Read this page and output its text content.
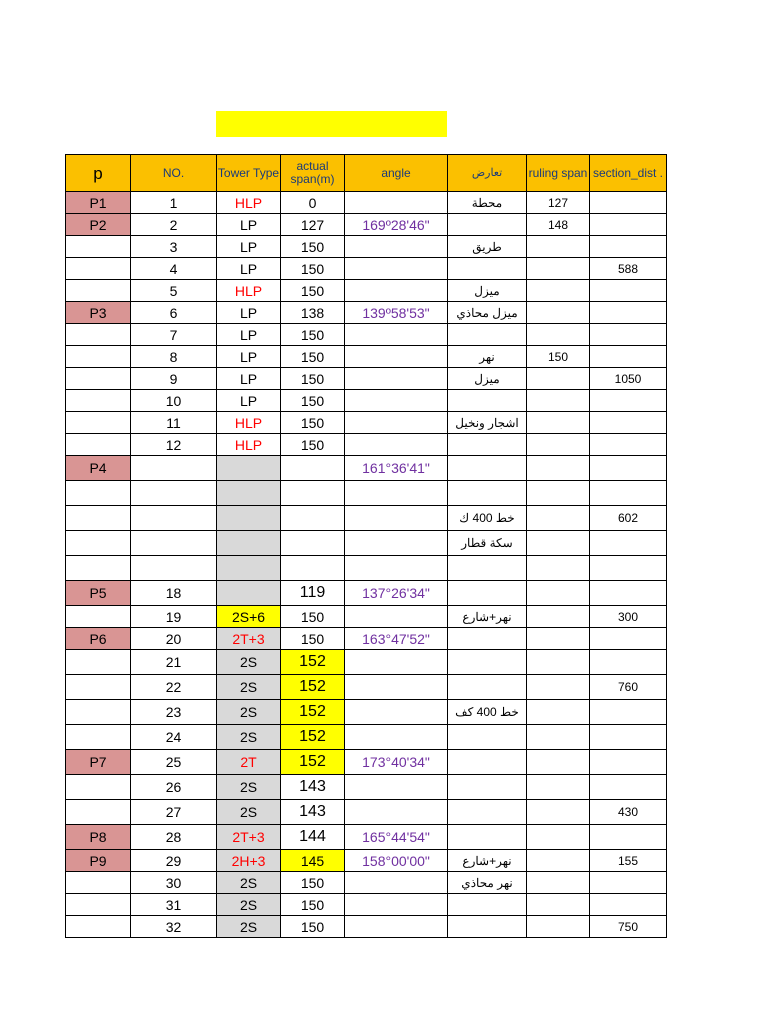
p	NO.	Tower Type	actual span(m)	angle	تعارض	ruling span	section_dist .
P1	1	HLP	0		محطة	127	
P2	2	LP	127	169º28'46"		148	
	3	LP	150		طريق		
	4	LP	150				588
	5	HLP	150		ميزل		
P3	6	LP	138	139º58'53"	ميزل محاذي		
	7	LP	150				
	8	LP	150		نهر	150	
	9	LP	150		ميزل		1050
	10	LP	150				
	11	HLP	150		اشجار ونخيل		
	12	HLP	150				
P4				161°36'41"			

					خط 400 ك		602
					سكة قطار		

P5	18		119	137°26'34"			
	19	2S+6	150		نهر+شارع		300
P6	20	2T+3	150	163°47'52"			
	21	2S	152				
	22	2S	152				760
	23	2S	152		خط 400 كف		
	24	2S	152				
P7	25	2T	152	173°40'34"			
	26	2S	143				
	27	2S	143				430
P8	28	2T+3	144	165°44'54"			
P9	29	2H+3	145	158°00'00"	نهر+شارع		155
	30	2S	150		نهر محاذي		
	31	2S	150				
	32	2S	150				750
